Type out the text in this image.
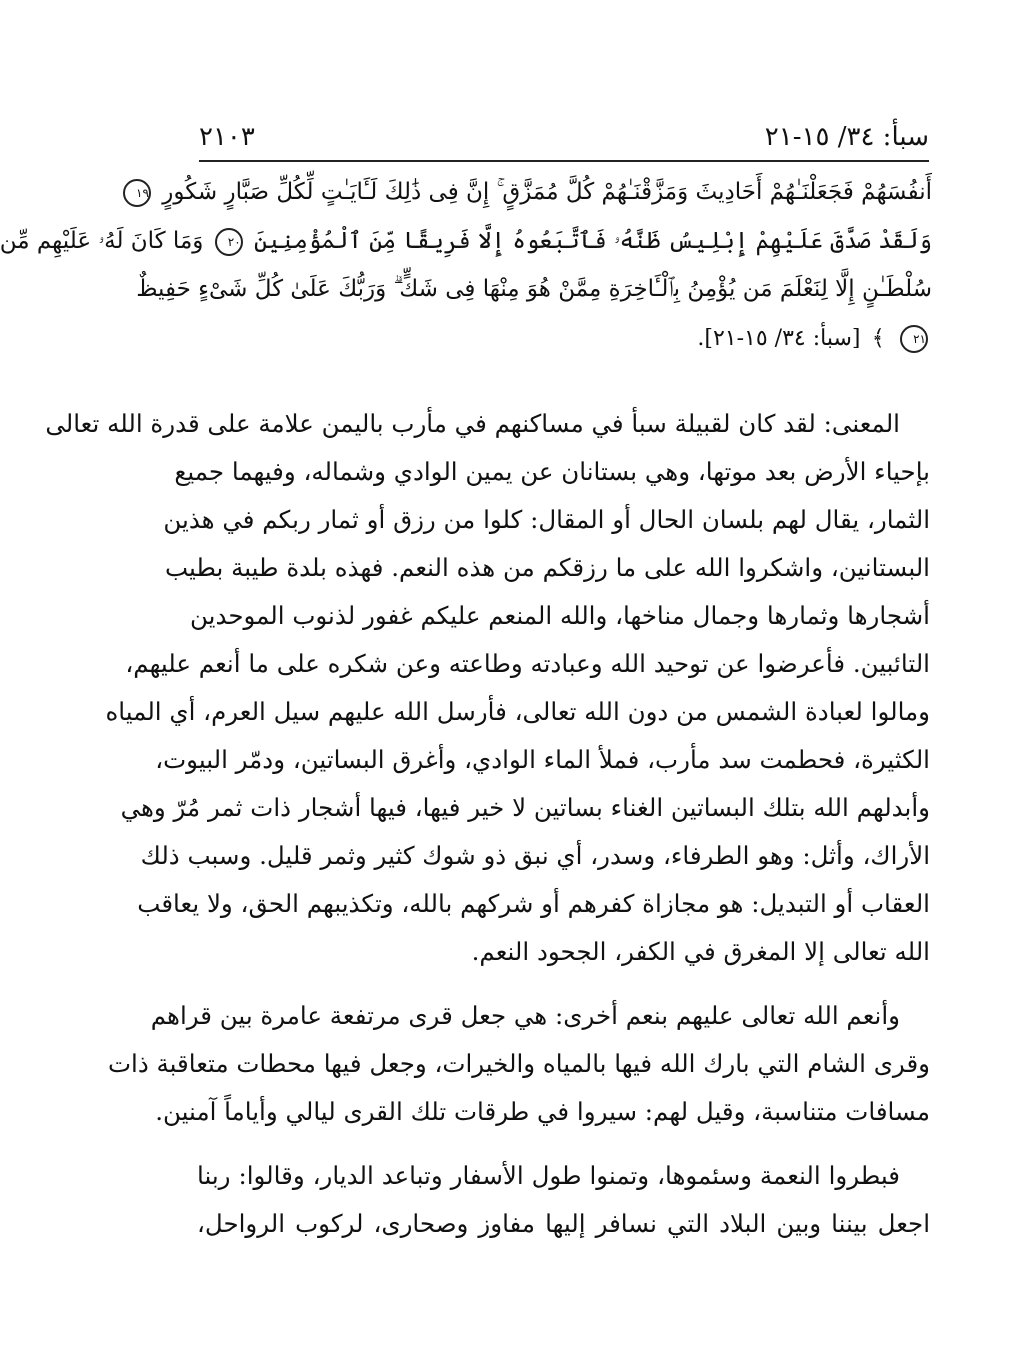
سبأ: ٣٤/ ١٥-٢١
٢١٠٣
أَنفُسَهُمْ فَجَعَلْنَـٰهُمْ أَحَادِيثَ وَمَزَّقْنَـٰهُمْ كُلَّ مُمَزَّقٍ ۚ إِنَّ فِى ذَٰلِكَ لَـَٔايَـٰتٍ لِّكُلِّ صَبَّارٍ شَكُورٍ ١٩
وَلَقَدْ صَدَّقَ عَلَيْهِمْ إِبْلِيسُ ظَنَّهُۥ فَٱتَّبَعُوهُ إِلَّا فَرِيقًا مِّنَ ٱلْمُؤْمِنِينَ ٢٠ وَمَا كَانَ لَهُۥ عَلَيْهِم مِّن
سُلْطَـٰنٍ إِلَّا لِنَعْلَمَ مَن يُؤْمِنُ بِٱلْـَٔاخِرَةِ مِمَّنْ هُوَ مِنْهَا فِى شَكٍّ ۗ وَرَبُّكَ عَلَىٰ كُلِّ شَىْءٍ حَفِيظٌ
٢١ ﴾ [سبأ: ٣٤/ ١٥-٢١].

المعنى: لقد كان لقبيلة سبأ في مساكنهم في مأرب باليمن علامة على قدرة الله تعالى
بإحياء الأرض بعد موتها، وهي بستانان عن يمين الوادي وشماله، وفيهما جميع
الثمار، يقال لهم بلسان الحال أو المقال: كلوا من رزق أو ثمار ربكم في هذين
البستانين، واشكروا الله على ما رزقكم من هذه النعم. فهذه بلدة طيبة بطيب
أشجارها وثمارها وجمال مناخها، والله المنعم عليكم غفور لذنوب الموحدين
التائبين. فأعرضوا عن توحيد الله وعبادته وطاعته وعن شكره على ما أنعم عليهم،
ومالوا لعبادة الشمس من دون الله تعالى، فأرسل الله عليهم سيل العرم، أي المياه
الكثيرة، فحطمت سد مأرب، فملأ الماء الوادي، وأغرق البساتين، ودمّر البيوت،
وأبدلهم الله بتلك البساتين الغناء بساتين لا خير فيها، فيها أشجار ذات ثمر مُرّ وهي
الأراك، وأثل: وهو الطرفاء، وسدر، أي نبق ذو شوك كثير وثمر قليل. وسبب ذلك
العقاب أو التبديل: هو مجازاة كفرهم أو شركهم بالله، وتكذيبهم الحق، ولا يعاقب
الله تعالى إلا المغرق في الكفر، الجحود النعم.

وأنعم الله تعالى عليهم بنعم أخرى: هي جعل قرى مرتفعة عامرة بين قراهم
وقرى الشام التي بارك الله فيها بالمياه والخيرات، وجعل فيها محطات متعاقبة ذات
مسافات متناسبة، وقيل لهم: سيروا في طرقات تلك القرى ليالي وأياماً آمنين.

فبطروا النعمة وسئموها، وتمنوا طول الأسفار وتباعد الديار، وقالوا: ربنا
اجعل بيننا وبين البلاد التي نسافر إليها مفاوز وصحارى، لركوب الرواحل،
